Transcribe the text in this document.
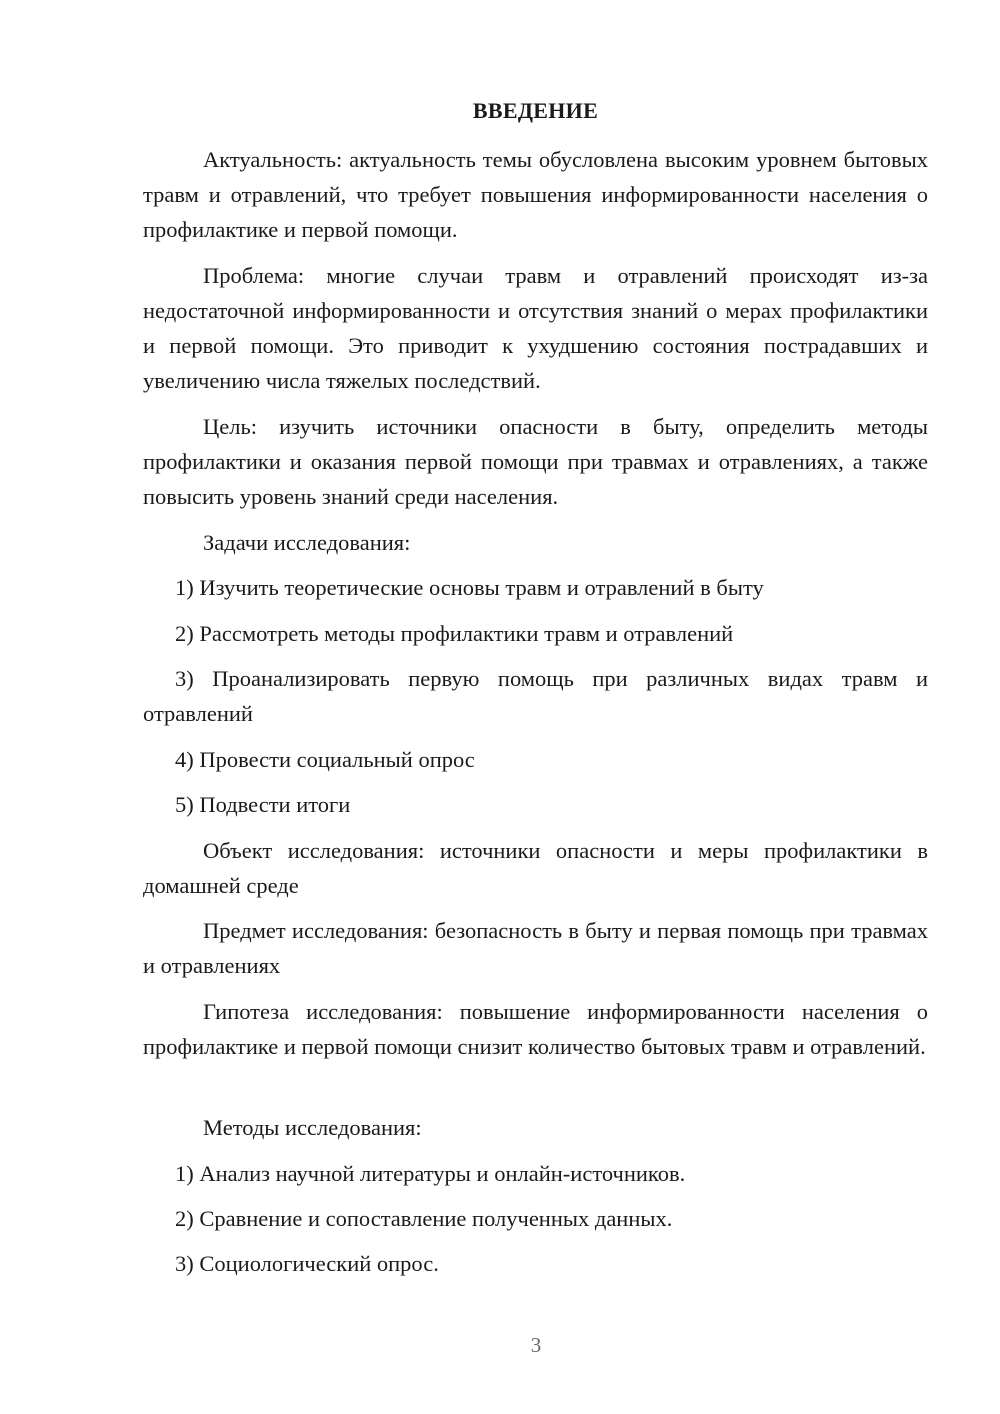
ВВЕДЕНИЕ

Актуальность: актуальность темы обусловлена высоким уровнем бытовых травм и отравлений, что требует повышения информированности населения о профилактике и первой помощи.

Проблема: многие случаи травм и отравлений происходят из-за недостаточной информированности и отсутствия знаний о мерах профилактики и первой помощи. Это приводит к ухудшению состояния пострадавших и увеличению числа тяжелых последствий.

Цель: изучить источники опасности в быту, определить методы профилактики и оказания первой помощи при травмах и отравлениях, а также повысить уровень знаний среди населения.

Задачи исследования:

1) Изучить теоретические основы травм и отравлений в быту

2) Рассмотреть методы профилактики травм и отравлений

3) Проанализировать первую помощь при различных видах травм и отравлений

4) Провести социальный опрос

5) Подвести итоги

Объект исследования: источники опасности и меры профилактики в домашней среде

Предмет исследования: безопасность в быту и первая помощь при травмах и отравлениях

Гипотеза исследования: повышение информированности населения о профилактике и первой помощи снизит количество бытовых травм и отравлений.

Методы исследования:

1) Анализ научной литературы и онлайн-источников.

2) Сравнение и сопоставление полученных данных.

3) Социологический опрос.

3
